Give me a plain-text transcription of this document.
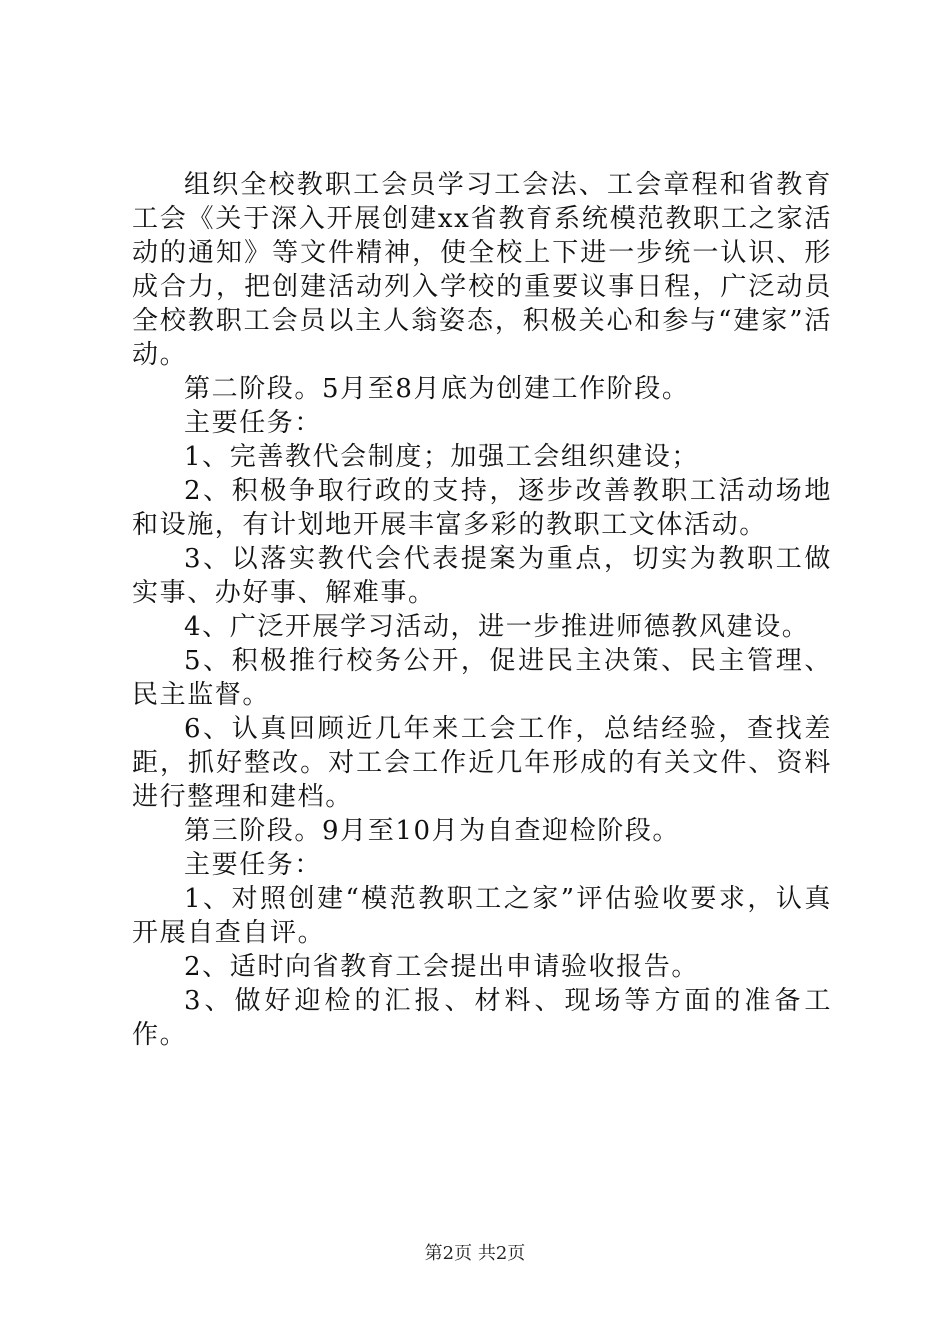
组织全校教职工会员学习工会法、工会章程和省教育工会《关于深入开展创建xx省教育系统模范教职工之家活动的通知》等文件精神，使全校上下进一步统一认识、形成合力，把创建活动列入学校的重要议事日程，广泛动员全校教职工会员以主人翁姿态，积极关心和参与“建家”活动。

第二阶段。5月至8月底为创建工作阶段。

主要任务：

1、完善教代会制度；加强工会组织建设；

2、积极争取行政的支持，逐步改善教职工活动场地和设施，有计划地开展丰富多彩的教职工文体活动。

3、以落实教代会代表提案为重点，切实为教职工做实事、办好事、解难事。

4、广泛开展学习活动，进一步推进师德教风建设。

5、积极推行校务公开，促进民主决策、民主管理、民主监督。

6、认真回顾近几年来工会工作，总结经验，查找差距，抓好整改。对工会工作近几年形成的有关文件、资料进行整理和建档。

第三阶段。9月至10月为自查迎检阶段。

主要任务：

1、对照创建“模范教职工之家”评估验收要求，认真开展自查自评。

2、适时向省教育工会提出申请验收报告。

3、做好迎检的汇报、材料、现场等方面的准备工作。

第2页 共2页
